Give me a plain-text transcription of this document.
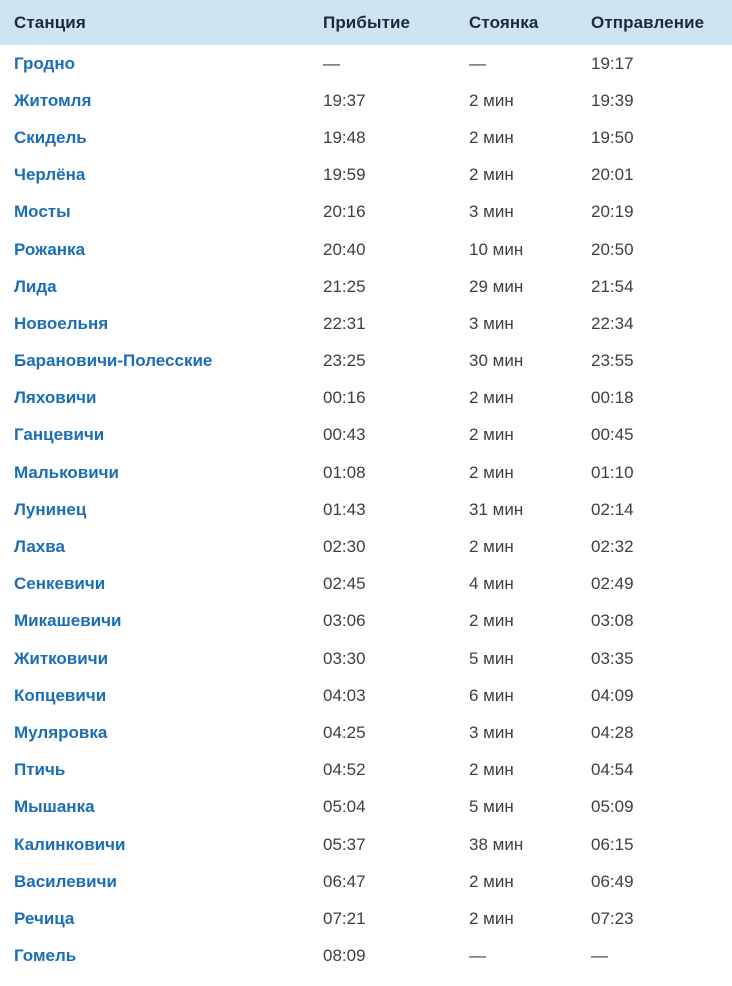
Станция	Прибытие	Стоянка	Отправление
Гродно	—	—	19:17
Житомля	19:37	2 мин	19:39
Скидель	19:48	2 мин	19:50
Черлёна	19:59	2 мин	20:01
Мосты	20:16	3 мин	20:19
Рожанка	20:40	10 мин	20:50
Лида	21:25	29 мин	21:54
Новоельня	22:31	3 мин	22:34
Барановичи-Полесские	23:25	30 мин	23:55
Ляховичи	00:16	2 мин	00:18
Ганцевичи	00:43	2 мин	00:45
Мальковичи	01:08	2 мин	01:10
Лунинец	01:43	31 мин	02:14
Лахва	02:30	2 мин	02:32
Сенкевичи	02:45	4 мин	02:49
Микашевичи	03:06	2 мин	03:08
Житковичи	03:30	5 мин	03:35
Копцевичи	04:03	6 мин	04:09
Муляровка	04:25	3 мин	04:28
Птичь	04:52	2 мин	04:54
Мышанка	05:04	5 мин	05:09
Калинковичи	05:37	38 мин	06:15
Василевичи	06:47	2 мин	06:49
Речица	07:21	2 мин	07:23
Гомель	08:09	—	—
